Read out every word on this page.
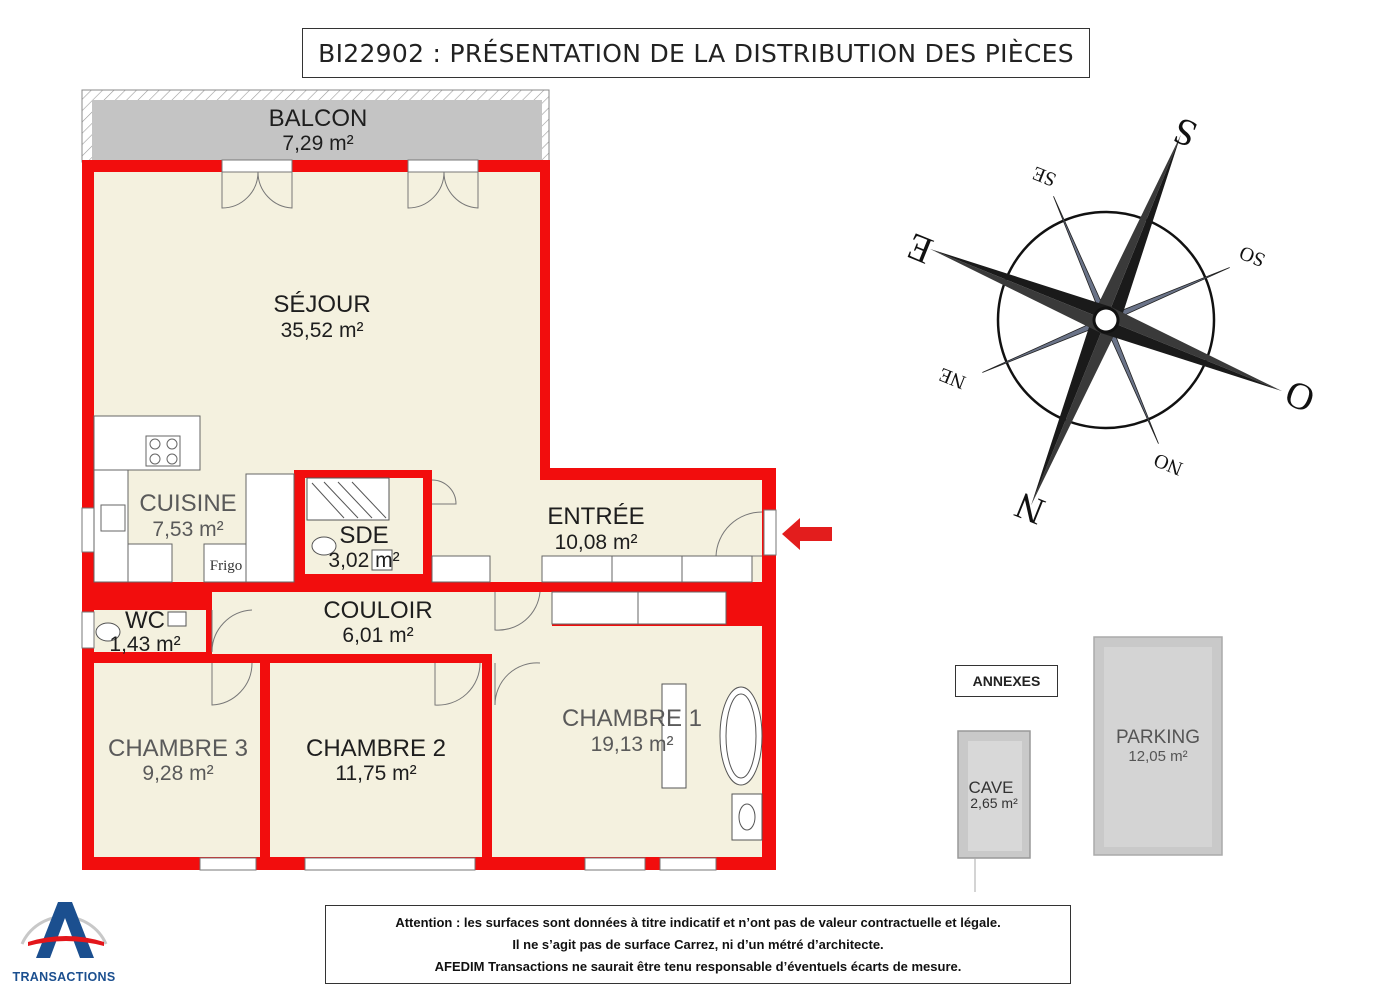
BI22902 : PRÉSENTATION DE LA DISTRIBUTION DES PIÈCES
Frigo
BALCON
7,29 m²
SÉJOUR
35,52 m²
CUISINE
7,53 m²	SDE
3,02 m²
ENTRÉE
10,08 m²
WC
1,43 m²
COULOIR
6,01 m²
CHAMBRE 1
19,13 m²
CHAMBRE 2
11,75 m²
CHAMBRE 3
9,28 m²
CAVE
2,65 m²
PARKING
12,05 m²
S
N
E
O
SE
SO
NE
NO
ANNEXES
Attention : les surfaces sont données à titre indicatif et n’ont pas de valeur contractuelle et légale.
Il ne s’agit pas de surface Carrez, ni d’un métré d’architecte.
AFEDIM Transactions ne saurait être tenu responsable d’éventuels écarts de mesure.
TRANSACTIONS
